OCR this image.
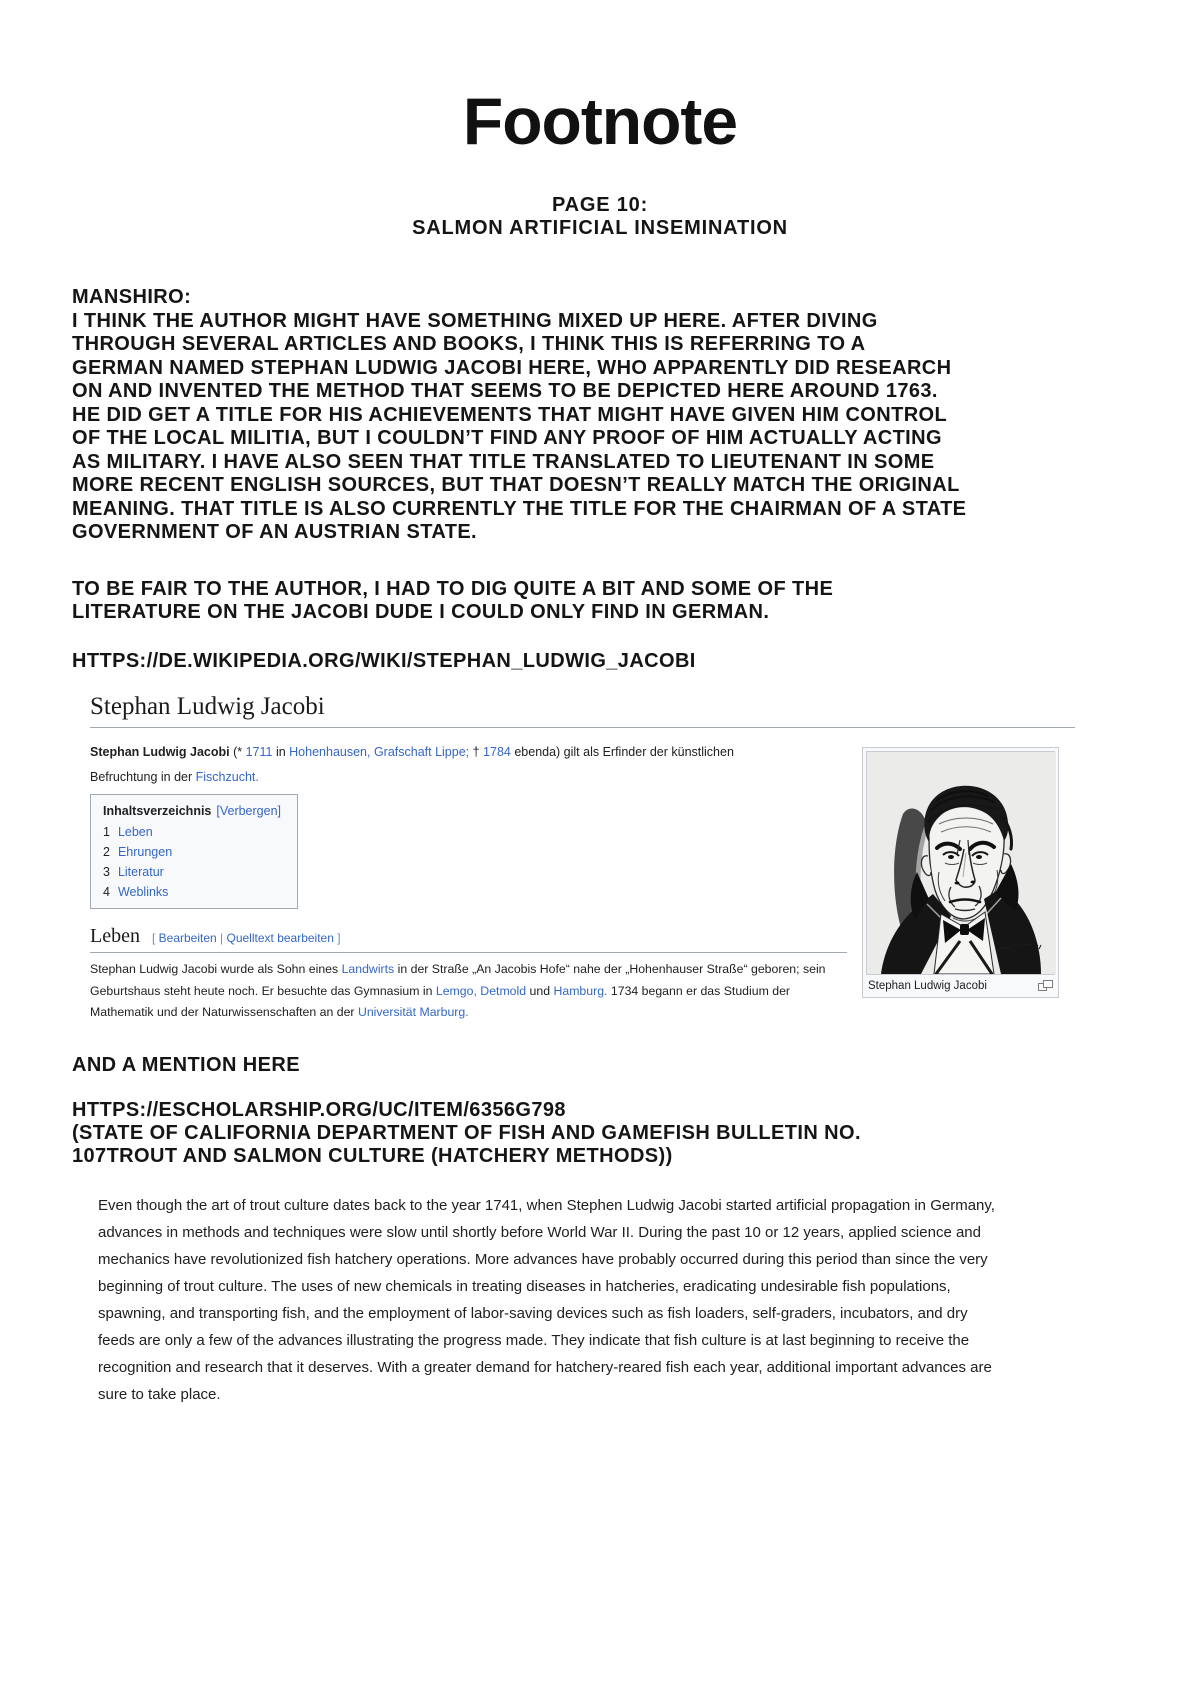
Footnote
PAGE 10:
SALMON ARTIFICIAL INSEMINATION
MANSHIRO:
I THINK THE AUTHOR MIGHT HAVE SOMETHING MIXED UP HERE. AFTER DIVING
THROUGH SEVERAL ARTICLES AND BOOKS, I THINK THIS IS REFERRING TO A
GERMAN NAMED STEPHAN LUDWIG JACOBI HERE, WHO APPARENTLY DID RESEARCH
ON AND INVENTED THE METHOD THAT SEEMS TO BE DEPICTED HERE AROUND 1763.
HE DID GET A TITLE FOR HIS ACHIEVEMENTS THAT MIGHT HAVE GIVEN HIM CONTROL
OF THE LOCAL MILITIA, BUT I COULDN’T FIND ANY PROOF OF HIM ACTUALLY ACTING
AS MILITARY. I HAVE ALSO SEEN THAT TITLE TRANSLATED TO LIEUTENANT IN SOME
MORE RECENT ENGLISH SOURCES, BUT THAT DOESN’T REALLY MATCH THE ORIGINAL
MEANING. THAT TITLE IS ALSO CURRENTLY THE TITLE FOR THE CHAIRMAN OF A STATE
GOVERNMENT OF AN AUSTRIAN STATE.
TO BE FAIR TO THE AUTHOR, I HAD TO DIG QUITE A BIT AND SOME OF THE
LITERATURE ON THE JACOBI DUDE I COULD ONLY FIND IN GERMAN.
HTTPS://DE.WIKIPEDIA.ORG/WIKI/STEPHAN_LUDWIG_JACOBI
Stephan Ludwig Jacobi
Stephan Ludwig Jacobi (* 1711 in Hohenhausen, Grafschaft Lippe; † 1784 ebenda) gilt als Erfinder der künstlichen Befruchtung in der Fischzucht.
Inhaltsverzeichnis [Verbergen]
1 Leben
2 Ehrungen
3 Literatur
4 Weblinks
Leben [ Bearbeiten | Quelltext bearbeiten ]
Stephan Ludwig Jacobi wurde als Sohn eines Landwirts in der Straße „An Jacobis Hofe“ nahe der „Hohenhauser Straße“ geboren; sein Geburtshaus steht heute noch. Er besuchte das Gymnasium in Lemgo, Detmold und Hamburg. 1734 begann er das Studium der Mathematik und der Naturwissenschaften an der Universität Marburg.
Stephan Ludwig Jacobi
AND A MENTION HERE
HTTPS://ESCHOLARSHIP.ORG/UC/ITEM/6356G798
(STATE OF CALIFORNIA DEPARTMENT OF FISH AND GAMEFISH BULLETIN NO.
107TROUT AND SALMON CULTURE (HATCHERY METHODS))
Even though the art of trout culture dates back to the year 1741, when Stephen Ludwig Jacobi started artificial propagation in Germany, advances in methods and techniques were slow until shortly before World War II. During the past 10 or 12 years, applied science and mechanics have revolutionized fish hatchery operations. More advances have probably occurred during this period than since the very beginning of trout culture. The uses of new chemicals in treating diseases in hatcheries, eradicating undesirable fish populations, spawning, and transporting fish, and the employment of labor-saving devices such as fish loaders, self-graders, incubators, and dry feeds are only a few of the advances illustrating the progress made. They indicate that fish culture is at last beginning to receive the recognition and research that it deserves. With a greater demand for hatchery-reared fish each year, additional important advances are sure to take place.
